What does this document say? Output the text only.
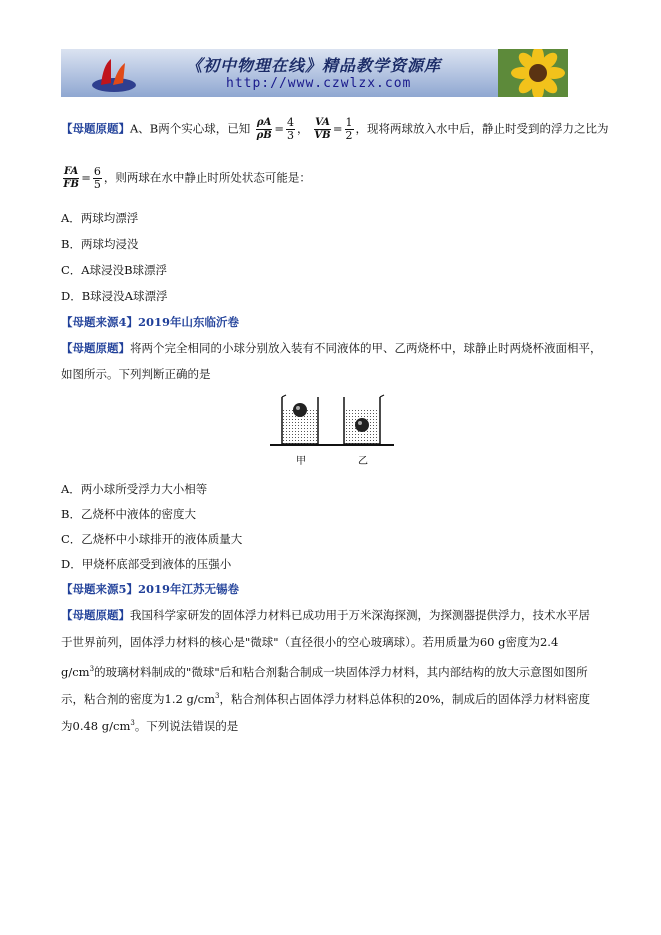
《初中物理在线》精品教学资源库
http://www.czwlzx.com
【母题原题】A、B两个实心球，已知 $\frac{\rho A}{\rho B} = \frac{4}{3}$ ， $\frac{VA}{VB} = \frac{1}{2}$ ，现将两球放入水中后，静止时受到的浮力之比为
$\frac{FA}{FB} = \frac{6}{5}$ ，则两球在水中静止时所处状态可能是：
A．两球均漂浮
B．两球均浸没
C．A球浸没B球漂浮
D．B球浸没A球漂浮
【母题来源4】2019年山东临沂卷
【母题原题】将两个完全相同的小球分别放入装有不同液体的甲、乙两烧杯中，球静止时两烧杯液面相平，
如图所示。下列判断正确的是
甲	乙
A．两小球所受浮力大小相等
B．乙烧杯中液体的密度大
C．乙烧杯中小球排开的液体质量大
D．甲烧杯底部受到液体的压强小
【母题来源5】2019年江苏无锡卷
【母题原题】我国科学家研发的固体浮力材料已成功用于万米深海探测，为探测器提供浮力，技术水平居
于世界前列，固体浮力材料的核心是"微球"（直径很小的空心玻璃球）。若用质量为60 g密度为2.4
$g/cm^3$的玻璃材料制成的"微球"后和粘合剂黏合制成一块固体浮力材料，其内部结构的放大示意图如图所
示，粘合剂的密度为1.2 $g/cm^3$，粘合剂体积占固体浮力材料总体积的20%，制成后的固体浮力材料密度
为0.48 $g/cm^3$。下列说法错误的是
